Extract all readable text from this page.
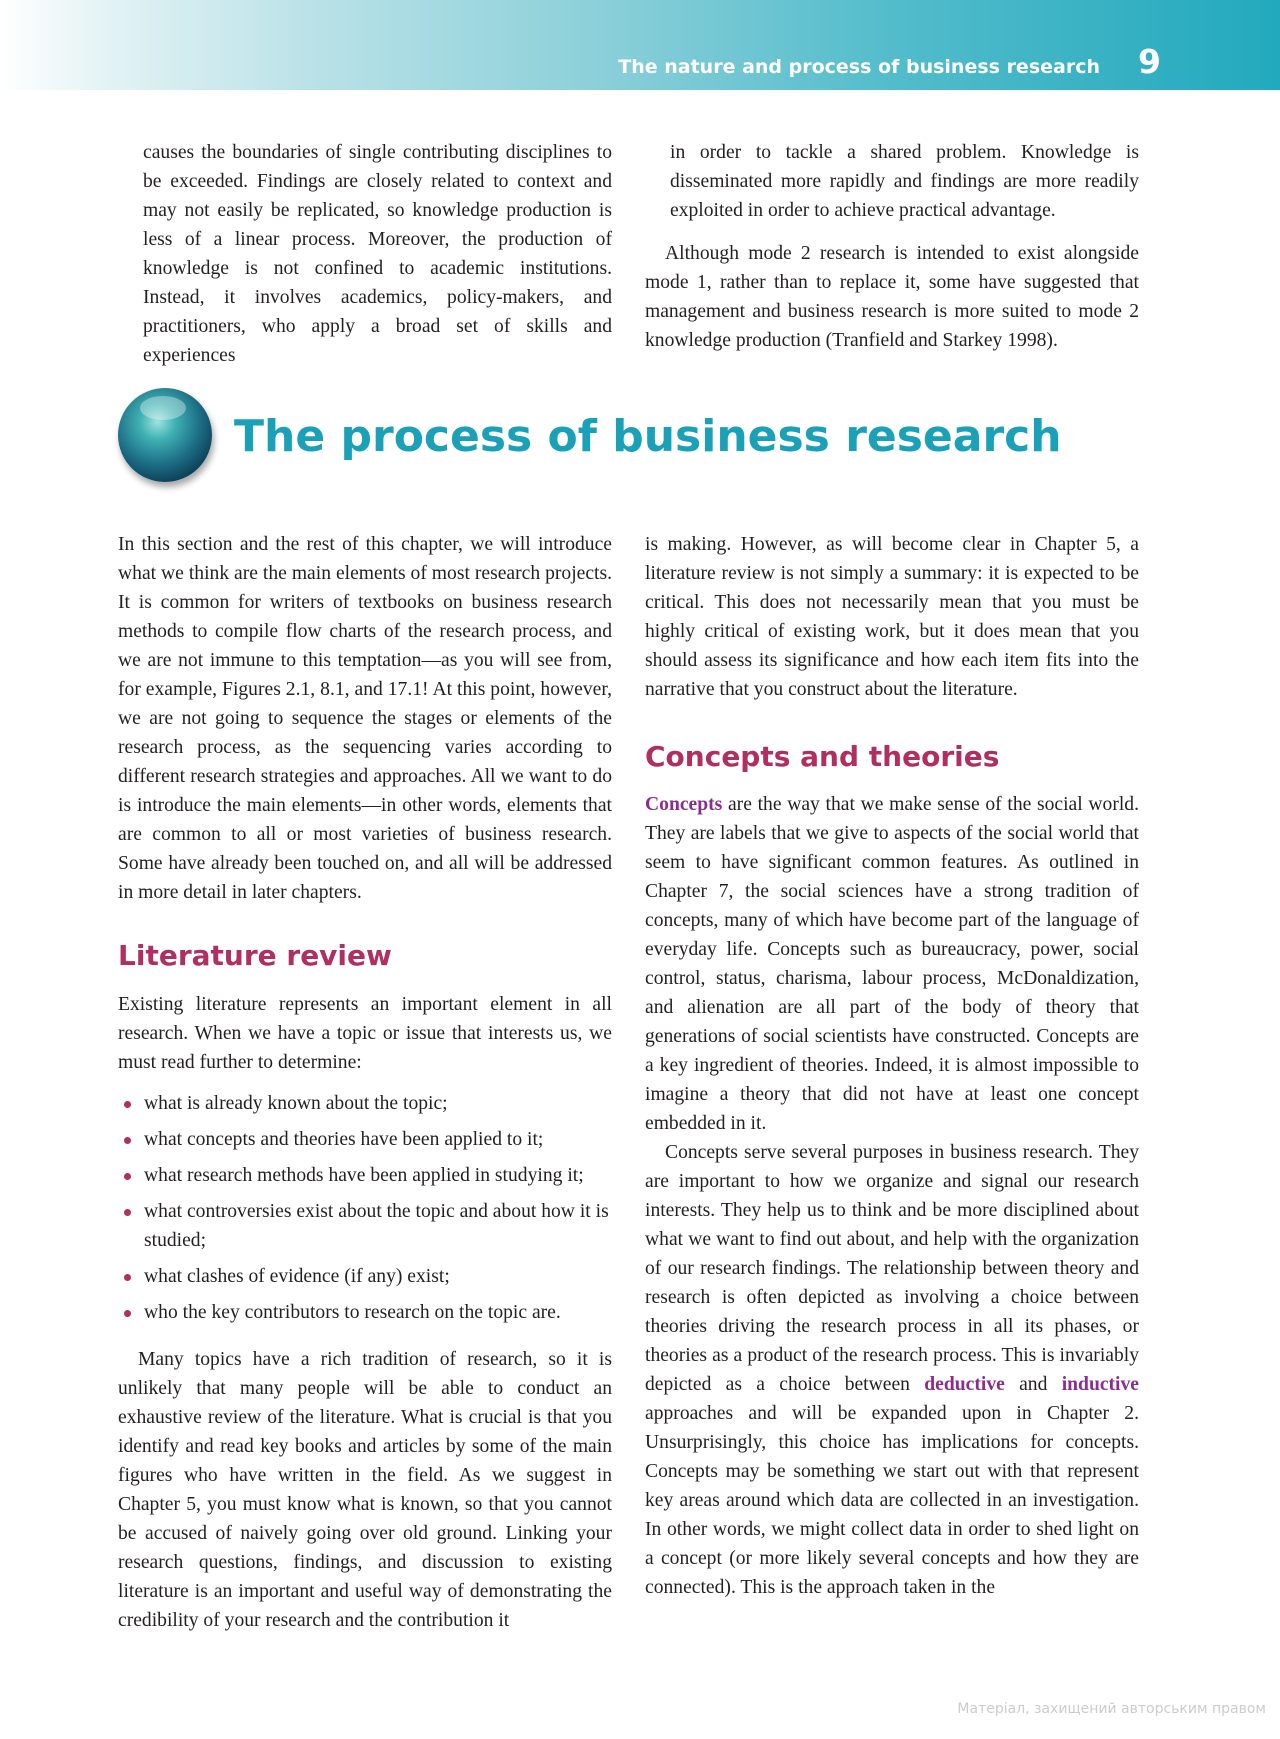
The nature and process of business research 9

causes the boundaries of single contributing disciplines to be exceeded. Findings are closely related to context and may not easily be replicated, so knowledge production is less of a linear process. Moreover, the production of knowledge is not confined to academic institutions. Instead, it involves academics, policy-makers, and practitioners, who apply a broad set of skills and experiences

in order to tackle a shared problem. Knowledge is disseminated more rapidly and findings are more readily exploited in order to achieve practical advantage.

Although mode 2 research is intended to exist alongside mode 1, rather than to replace it, some have suggested that management and business research is more suited to mode 2 knowledge production (Tranfield and Starkey 1998).

The process of business research

In this section and the rest of this chapter, we will introduce what we think are the main elements of most research projects. It is common for writers of textbooks on business research methods to compile flow charts of the research process, and we are not immune to this temptation—as you will see from, for example, Figures 2.1, 8.1, and 17.1! At this point, however, we are not going to sequence the stages or elements of the research process, as the sequencing varies according to different research strategies and approaches. All we want to do is introduce the main elements—in other words, elements that are common to all or most varieties of business research. Some have already been touched on, and all will be addressed in more detail in later chapters.

Literature review

Existing literature represents an important element in all research. When we have a topic or issue that interests us, we must read further to determine:

what is already known about the topic;
what concepts and theories have been applied to it;
what research methods have been applied in studying it;
what controversies exist about the topic and about how it is studied;
what clashes of evidence (if any) exist;
who the key contributors to research on the topic are.

Many topics have a rich tradition of research, so it is unlikely that many people will be able to conduct an exhaustive review of the literature. What is crucial is that you identify and read key books and articles by some of the main figures who have written in the field. As we suggest in Chapter 5, you must know what is known, so that you cannot be accused of naively going over old ground. Linking your research questions, findings, and discussion to existing literature is an important and useful way of demonstrating the credibility of your research and the contribution it

is making. However, as will become clear in Chapter 5, a literature review is not simply a summary: it is expected to be critical. This does not necessarily mean that you must be highly critical of existing work, but it does mean that you should assess its significance and how each item fits into the narrative that you construct about the literature.

Concepts and theories

Concepts are the way that we make sense of the social world. They are labels that we give to aspects of the social world that seem to have significant common features. As outlined in Chapter 7, the social sciences have a strong tradition of concepts, many of which have become part of the language of everyday life. Concepts such as bureaucracy, power, social control, status, charisma, labour process, McDonaldization, and alienation are all part of the body of theory that generations of social scientists have constructed. Concepts are a key ingredient of theories. Indeed, it is almost impossible to imagine a theory that did not have at least one concept embedded in it.

Concepts serve several purposes in business research. They are important to how we organize and signal our research interests. They help us to think and be more disciplined about what we want to find out about, and help with the organization of our research findings. The relationship between theory and research is often depicted as involving a choice between theories driving the research process in all its phases, or theories as a product of the research process. This is invariably depicted as a choice between deductive and inductive approaches and will be expanded upon in Chapter 2. Unsurprisingly, this choice has implications for concepts. Concepts may be something we start out with that represent key areas around which data are collected in an investigation. In other words, we might collect data in order to shed light on a concept (or more likely several concepts and how they are connected). This is the approach taken in the

Матеріал, захищений авторським правом
